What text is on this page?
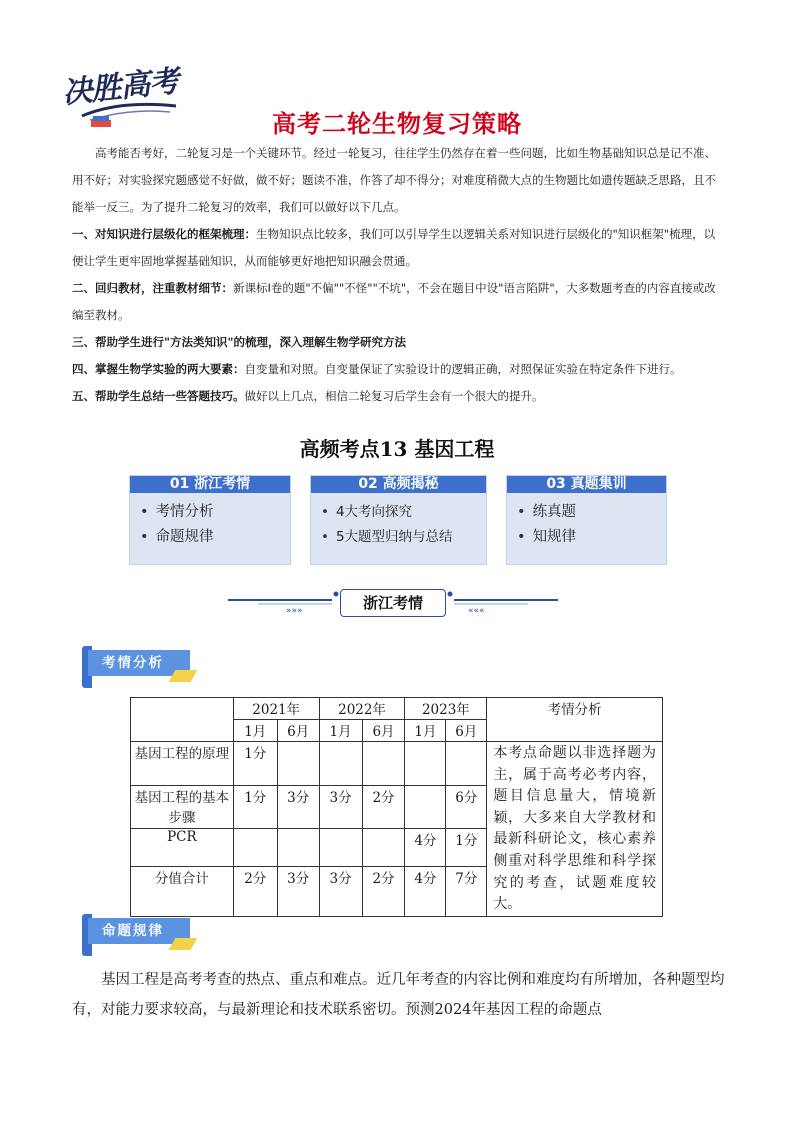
决胜高考
高考二轮生物复习策略

高考能否考好，二轮复习是一个关键环节。经过一轮复习，往往学生仍然存在着一些问题，比如生物基础知识总是记不准、用不好；对实验探究题感觉不好做，做不好；题读不准，作答了却不得分；对难度稍微大点的生物题比如遗传题缺乏思路，且不能举一反三。为了提升二轮复习的效率，我们可以做好以下几点。

一、对知识进行层级化的框架梳理：生物知识点比较多，我们可以引导学生以逻辑关系对知识进行层级化的"知识框架"梳理，以便让学生更牢固地掌握基础知识，从而能够更好地把知识融会贯通。

二、回归教材，注重教材细节：新课标Ⅰ卷的题"不偏""不怪""不坑"，不会在题目中设"语言陷阱"，大多数题考查的内容直接或改编至教材。

三、帮助学生进行"方法类知识"的梳理，深入理解生物学研究方法

四、掌握生物学实验的两大要素：自变量和对照。自变量保证了实验设计的逻辑正确，对照保证实验在特定条件下进行。

五、帮助学生总结一些答题技巧。做好以上几点，相信二轮复习后学生会有一个很大的提升。

高频考点13 基因工程
01 浙江考情
• 考情分析
• 命题规律
02 高频揭秘
• 4大考向探究
• 5大题型归纳与总结
03 真题集训
• 练真题
• 知规律
»»»	«««
浙江考情
考情分析
	2021年		2022年		2023年		考情分析
	1月	6月	1月	6月	1月	6月	
基因工程的原理	1分						本考点命题以非选择题为主，属于高考必考内容，题目信息量大，情境新颖，大多来自大学教材和最新科研论文，核心素养侧重对科学思维和科学探究的考查，试题难度较大。
基因工程的基本步骤	1分	3分	3分	2分		6分	
PCR					4分	1分	
分值合计	2分	3分	3分	2分	4分	7分	
命题规律

基因工程是高考考查的热点、重点和难点。近几年考查的内容比例和难度均有所增加，各种题型均有，对能力要求较高，与最新理论和技术联系密切。预测2024年基因工程的命题点
